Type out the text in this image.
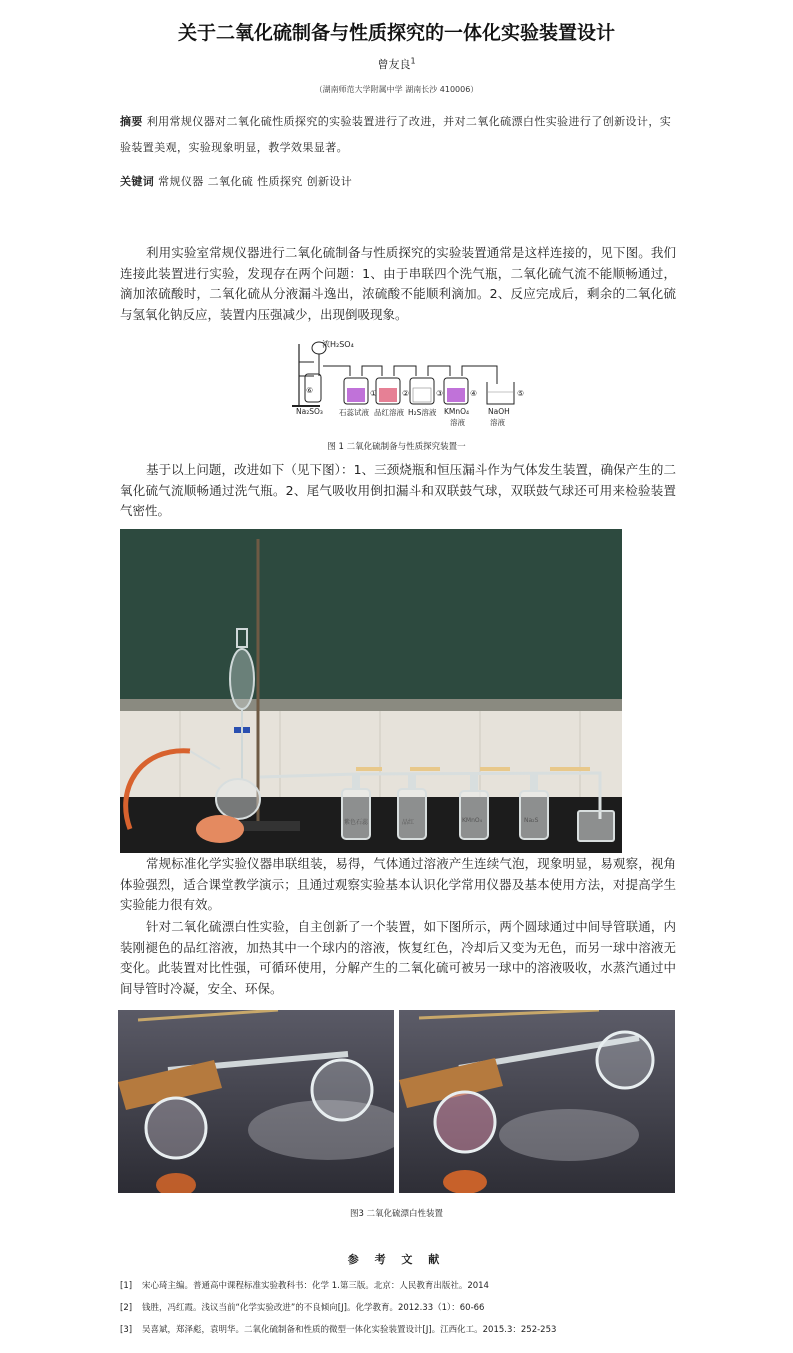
关于二氧化硫制备与性质探究的一体化实验装置设计
曾友良$^1$
（湖南师范大学附属中学 湖南长沙 410006）
摘要 利用常规仪器对二氧化硫性质探究的实验装置进行了改进，并对二氧化硫漂白性实验进行了创新设计，实验装置美观，实验现象明显，教学效果显著。
关键词 常规仪器 二氧化硫 性质探究 创新设计
利用实验室常规仪器进行二氧化硫制备与性质探究的实验装置通常是这样连接的，见下图。我们连接此装置进行实验，发现存在两个问题：1、由于串联四个洗气瓶，二氧化硫气流不能顺畅通过，滴加浓硫酸时，二氧化硫从分液漏斗逸出，浓硫酸不能顺利滴加。2、反应完成后，剩余的二氧化硫与氢氧化钠反应，装置内压强减少，出现倒吸现象。
浓H₂SO₄
Na₂SO₃ 石蕊试液 品红溶液 H₂S溶液 KMnO₄
溶液
NaOH
溶液
⑥	①	②	③	④	⑤
图 1 二氧化硫制备与性质探究装置一
基于以上问题，改进如下（见下图）：1、三颈烧瓶和恒压漏斗作为气体发生装置，确保产生的二氧化硫气流顺畅通过洗气瓶。2、尾气吸收用倒扣漏斗和双联鼓气球，双联鼓气球还可用来检验装置气密性。
紫色石蕊	品红	KMnO₄	Na₂S
常规标准化学实验仪器串联组装，易得，气体通过溶液产生连续气泡，现象明显，易观察，视角体验强烈，适合课堂教学演示；且通过观察实验基本认识化学常用仪器及基本使用方法，对提高学生实验能力很有效。
针对二氧化硫漂白性实验，自主创新了一个装置，如下图所示，两个圆球通过中间导管联通，内装刚褪色的品红溶液，加热其中一个球内的溶液，恢复红色，冷却后又变为无色，而另一球中溶液无变化。此装置对比性强，可循环使用，分解产生的二氧化硫可被另一球中的溶液吸收，水蒸汽通过中间导管时冷凝，安全、环保。
图3 二氧化硫漂白性装置
参 考 文 献
[1] 宋心琦主编。普通高中课程标准实验教科书：化学 1.第三版。北京：人民教育出版社。2014
[2] 钱胜，冯红霞。浅议当前“化学实验改进”的不良倾向[J]。化学教育。2012.33（1）：60-66
[3] 吴喜斌，郑泽彪，袁明华。二氧化硫制备和性质的微型一体化实验装置设计[J]。江西化工。2015.3：252-253
